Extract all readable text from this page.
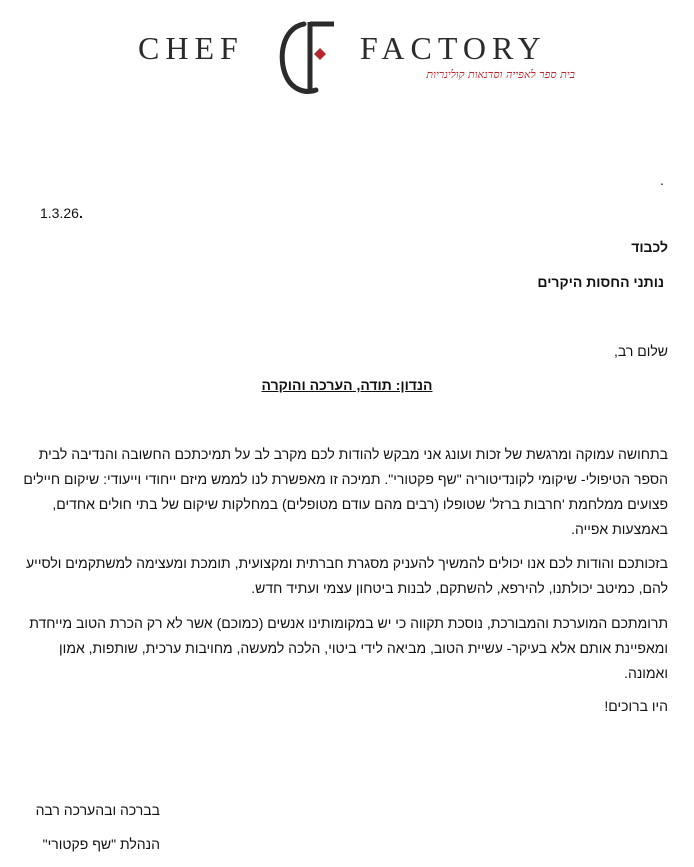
CHEF	FACTORY
בית ספר לאפייה וסדנאות קולינריות
.
1.3.26.
לכבוד
נותני החסות היקרים
שלום רב,
הנדון: תודה, הערכה והוקרה
בתחושה עמוקה ומרגשת של זכות ועונג אני מבקש להודות לכם מקרב לב על תמיכתכם החשובה והנדיבה לבית
הספר הטיפולי- שיקומי לקונדיטוריה "שף פקטורי". תמיכה זו מאפשרת לנו לממש מיזם ייחודי וייעודי: שיקום חיילים
פצועים ממלחמת 'חרבות ברזל' שטופלו (רבים מהם עודם מטופלים) במחלקות שיקום של בתי חולים אחדים,
באמצעות אפייה.
בזכותכם והודות לכם אנו יכולים להמשיך להעניק מסגרת חברתית ומקצועית, תומכת ומעצימה למשתקמים ולסייע
להם, כמיטב יכולתנו, להירפא, להשתקם, לבנות ביטחון עצמי ועתיד חדש.
תרומתכם המוערכת והמבורכת, נוסכת תקווה כי יש במקומותינו אנשים (כמוכם) אשר לא רק הכרת הטוב מייחדת
ומאפיינת אותם אלא בעיקר- עשיית הטוב, מביאה לידי ביטוי, הלכה למעשה, מחויבות ערכית, שותפות, אמון
ואמונה.
היו ברוכים!
בברכה ובהערכה רבה
הנהלת "שף פקטורי"
